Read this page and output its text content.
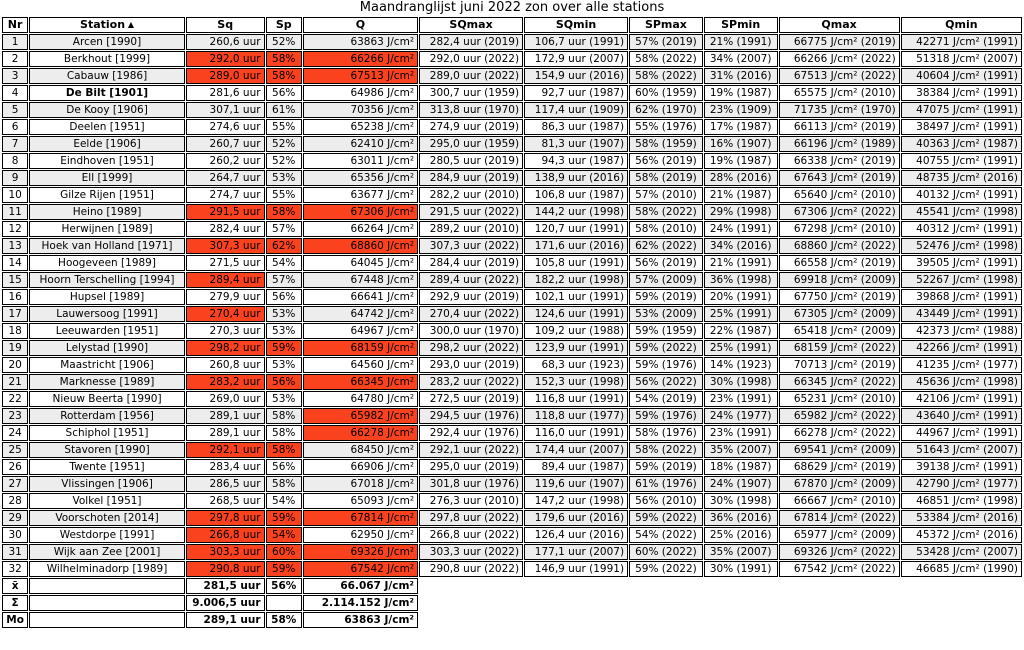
Maandranglijst juni 2022 zon over alle stations
Nr	Station ▲	Sq	Sp	Q	SQmax	SQmin	SPmax	SPmin	Qmax	Qmin
1	Arcen [1990]	260,6 uur	52%	63863 J/cm²	282,4 uur (2019)	106,7 uur (1991)	57% (2019)	21% (1991)	66775 J/cm² (2019)	42271 J/cm² (1991)
2	Berkhout [1999]	292,0 uur	58%	66266 J/cm²	292,0 uur (2022)	172,9 uur (2007)	58% (2022)	34% (2007)	66266 J/cm² (2022)	51318 J/cm² (2007)
3	Cabauw [1986]	289,0 uur	58%	67513 J/cm²	289,0 uur (2022)	154,9 uur (2016)	58% (2022)	31% (2016)	67513 J/cm² (2022)	40604 J/cm² (1991)
4	De Bilt [1901]	281,6 uur	56%	64986 J/cm²	300,7 uur (1959)	92,7 uur (1987)	60% (1959)	19% (1987)	65575 J/cm² (2010)	38384 J/cm² (1991)
5	De Kooy [1906]	307,1 uur	61%	70356 J/cm²	313,8 uur (1970)	117,4 uur (1909)	62% (1970)	23% (1909)	71735 J/cm² (1970)	47075 J/cm² (1991)
6	Deelen [1951]	274,6 uur	55%	65238 J/cm²	274,9 uur (2019)	86,3 uur (1987)	55% (1976)	17% (1987)	66113 J/cm² (2019)	38497 J/cm² (1991)
7	Eelde [1906]	260,7 uur	52%	62410 J/cm²	295,0 uur (1959)	81,3 uur (1907)	58% (1959)	16% (1907)	66196 J/cm² (1989)	40363 J/cm² (1987)
8	Eindhoven [1951]	260,2 uur	52%	63011 J/cm²	280,5 uur (2019)	94,3 uur (1987)	56% (2019)	19% (1987)	66338 J/cm² (2019)	40755 J/cm² (1991)
9	Ell [1999]	264,7 uur	53%	65356 J/cm²	284,9 uur (2019)	138,9 uur (2016)	58% (2019)	28% (2016)	67643 J/cm² (2019)	48735 J/cm² (2016)
10	Gilze Rijen [1951]	274,7 uur	55%	63677 J/cm²	282,2 uur (2010)	106,8 uur (1987)	57% (2010)	21% (1987)	65640 J/cm² (2010)	40132 J/cm² (1991)
11	Heino [1989]	291,5 uur	58%	67306 J/cm²	291,5 uur (2022)	144,2 uur (1998)	58% (2022)	29% (1998)	67306 J/cm² (2022)	45541 J/cm² (1998)
12	Herwijnen [1989]	282,4 uur	57%	66264 J/cm²	289,2 uur (2010)	120,7 uur (1991)	58% (2010)	24% (1991)	67298 J/cm² (2010)	40312 J/cm² (1991)
13	Hoek van Holland [1971]	307,3 uur	62%	68860 J/cm²	307,3 uur (2022)	171,6 uur (2016)	62% (2022)	34% (2016)	68860 J/cm² (2022)	52476 J/cm² (1998)
14	Hoogeveen [1989]	271,5 uur	54%	64045 J/cm²	284,4 uur (2019)	105,8 uur (1991)	56% (2019)	21% (1991)	66558 J/cm² (2019)	39505 J/cm² (1991)
15	Hoorn Terschelling [1994]	289,4 uur	57%	67448 J/cm²	289,4 uur (2022)	182,2 uur (1998)	57% (2009)	36% (1998)	69918 J/cm² (2009)	52267 J/cm² (1998)
16	Hupsel [1989]	279,9 uur	56%	66641 J/cm²	292,9 uur (2019)	102,1 uur (1991)	59% (2019)	20% (1991)	67750 J/cm² (2019)	39868 J/cm² (1991)
17	Lauwersoog [1991]	270,4 uur	53%	64742 J/cm²	270,4 uur (2022)	124,6 uur (1991)	53% (2009)	25% (1991)	67305 J/cm² (2009)	43449 J/cm² (1991)
18	Leeuwarden [1951]	270,3 uur	53%	64967 J/cm²	300,0 uur (1970)	109,2 uur (1988)	59% (1959)	22% (1987)	65418 J/cm² (2009)	42373 J/cm² (1988)
19	Lelystad [1990]	298,2 uur	59%	68159 J/cm²	298,2 uur (2022)	123,9 uur (1991)	59% (2022)	25% (1991)	68159 J/cm² (2022)	42266 J/cm² (1991)
20	Maastricht [1906]	260,8 uur	53%	64560 J/cm²	293,0 uur (2019)	68,3 uur (1923)	59% (1976)	14% (1923)	70713 J/cm² (2019)	41235 J/cm² (1977)
21	Marknesse [1989]	283,2 uur	56%	66345 J/cm²	283,2 uur (2022)	152,3 uur (1998)	56% (2022)	30% (1998)	66345 J/cm² (2022)	45636 J/cm² (1998)
22	Nieuw Beerta [1990]	269,0 uur	53%	64780 J/cm²	272,5 uur (2019)	116,8 uur (1991)	54% (2019)	23% (1991)	65231 J/cm² (2010)	42106 J/cm² (1991)
23	Rotterdam [1956]	289,1 uur	58%	65982 J/cm²	294,5 uur (1976)	118,8 uur (1977)	59% (1976)	24% (1977)	65982 J/cm² (2022)	43640 J/cm² (1991)
24	Schiphol [1951]	289,1 uur	58%	66278 J/cm²	292,4 uur (1976)	116,0 uur (1991)	58% (1976)	23% (1991)	66278 J/cm² (2022)	44967 J/cm² (1991)
25	Stavoren [1990]	292,1 uur	58%	68450 J/cm²	292,1 uur (2022)	174,4 uur (2007)	58% (2022)	35% (2007)	69541 J/cm² (2009)	51643 J/cm² (2007)
26	Twente [1951]	283,4 uur	56%	66906 J/cm²	295,0 uur (2019)	89,4 uur (1987)	59% (2019)	18% (1987)	68629 J/cm² (2019)	39138 J/cm² (1991)
27	Vlissingen [1906]	286,5 uur	58%	67018 J/cm²	301,8 uur (1976)	119,6 uur (1907)	61% (1976)	24% (1907)	67870 J/cm² (2009)	42790 J/cm² (1977)
28	Volkel [1951]	268,5 uur	54%	65093 J/cm²	276,3 uur (2010)	147,2 uur (1998)	56% (2010)	30% (1998)	66667 J/cm² (2010)	46851 J/cm² (1998)
29	Voorschoten [2014]	297,8 uur	59%	67814 J/cm²	297,8 uur (2022)	179,6 uur (2016)	59% (2022)	36% (2016)	67814 J/cm² (2022)	53384 J/cm² (2016)
30	Westdorpe [1991]	266,8 uur	54%	62950 J/cm²	266,8 uur (2022)	126,4 uur (2016)	54% (2022)	25% (2016)	65977 J/cm² (2009)	45372 J/cm² (2016)
31	Wijk aan Zee [2001]	303,3 uur	60%	69326 J/cm²	303,3 uur (2022)	177,1 uur (2007)	60% (2022)	35% (2007)	69326 J/cm² (2022)	53428 J/cm² (2007)
32	Wilhelminadorp [1989]	290,8 uur	59%	67542 J/cm²	290,8 uur (2022)	146,9 uur (1991)	59% (2022)	30% (1991)	67542 J/cm² (2022)	46685 J/cm² (1990)
x̄		281,5 uur	56%	66.067 J/cm²						
Σ		9.006,5 uur		2.114.152 J/cm²						
Mo		289,1 uur	58%	63863 J/cm²						
